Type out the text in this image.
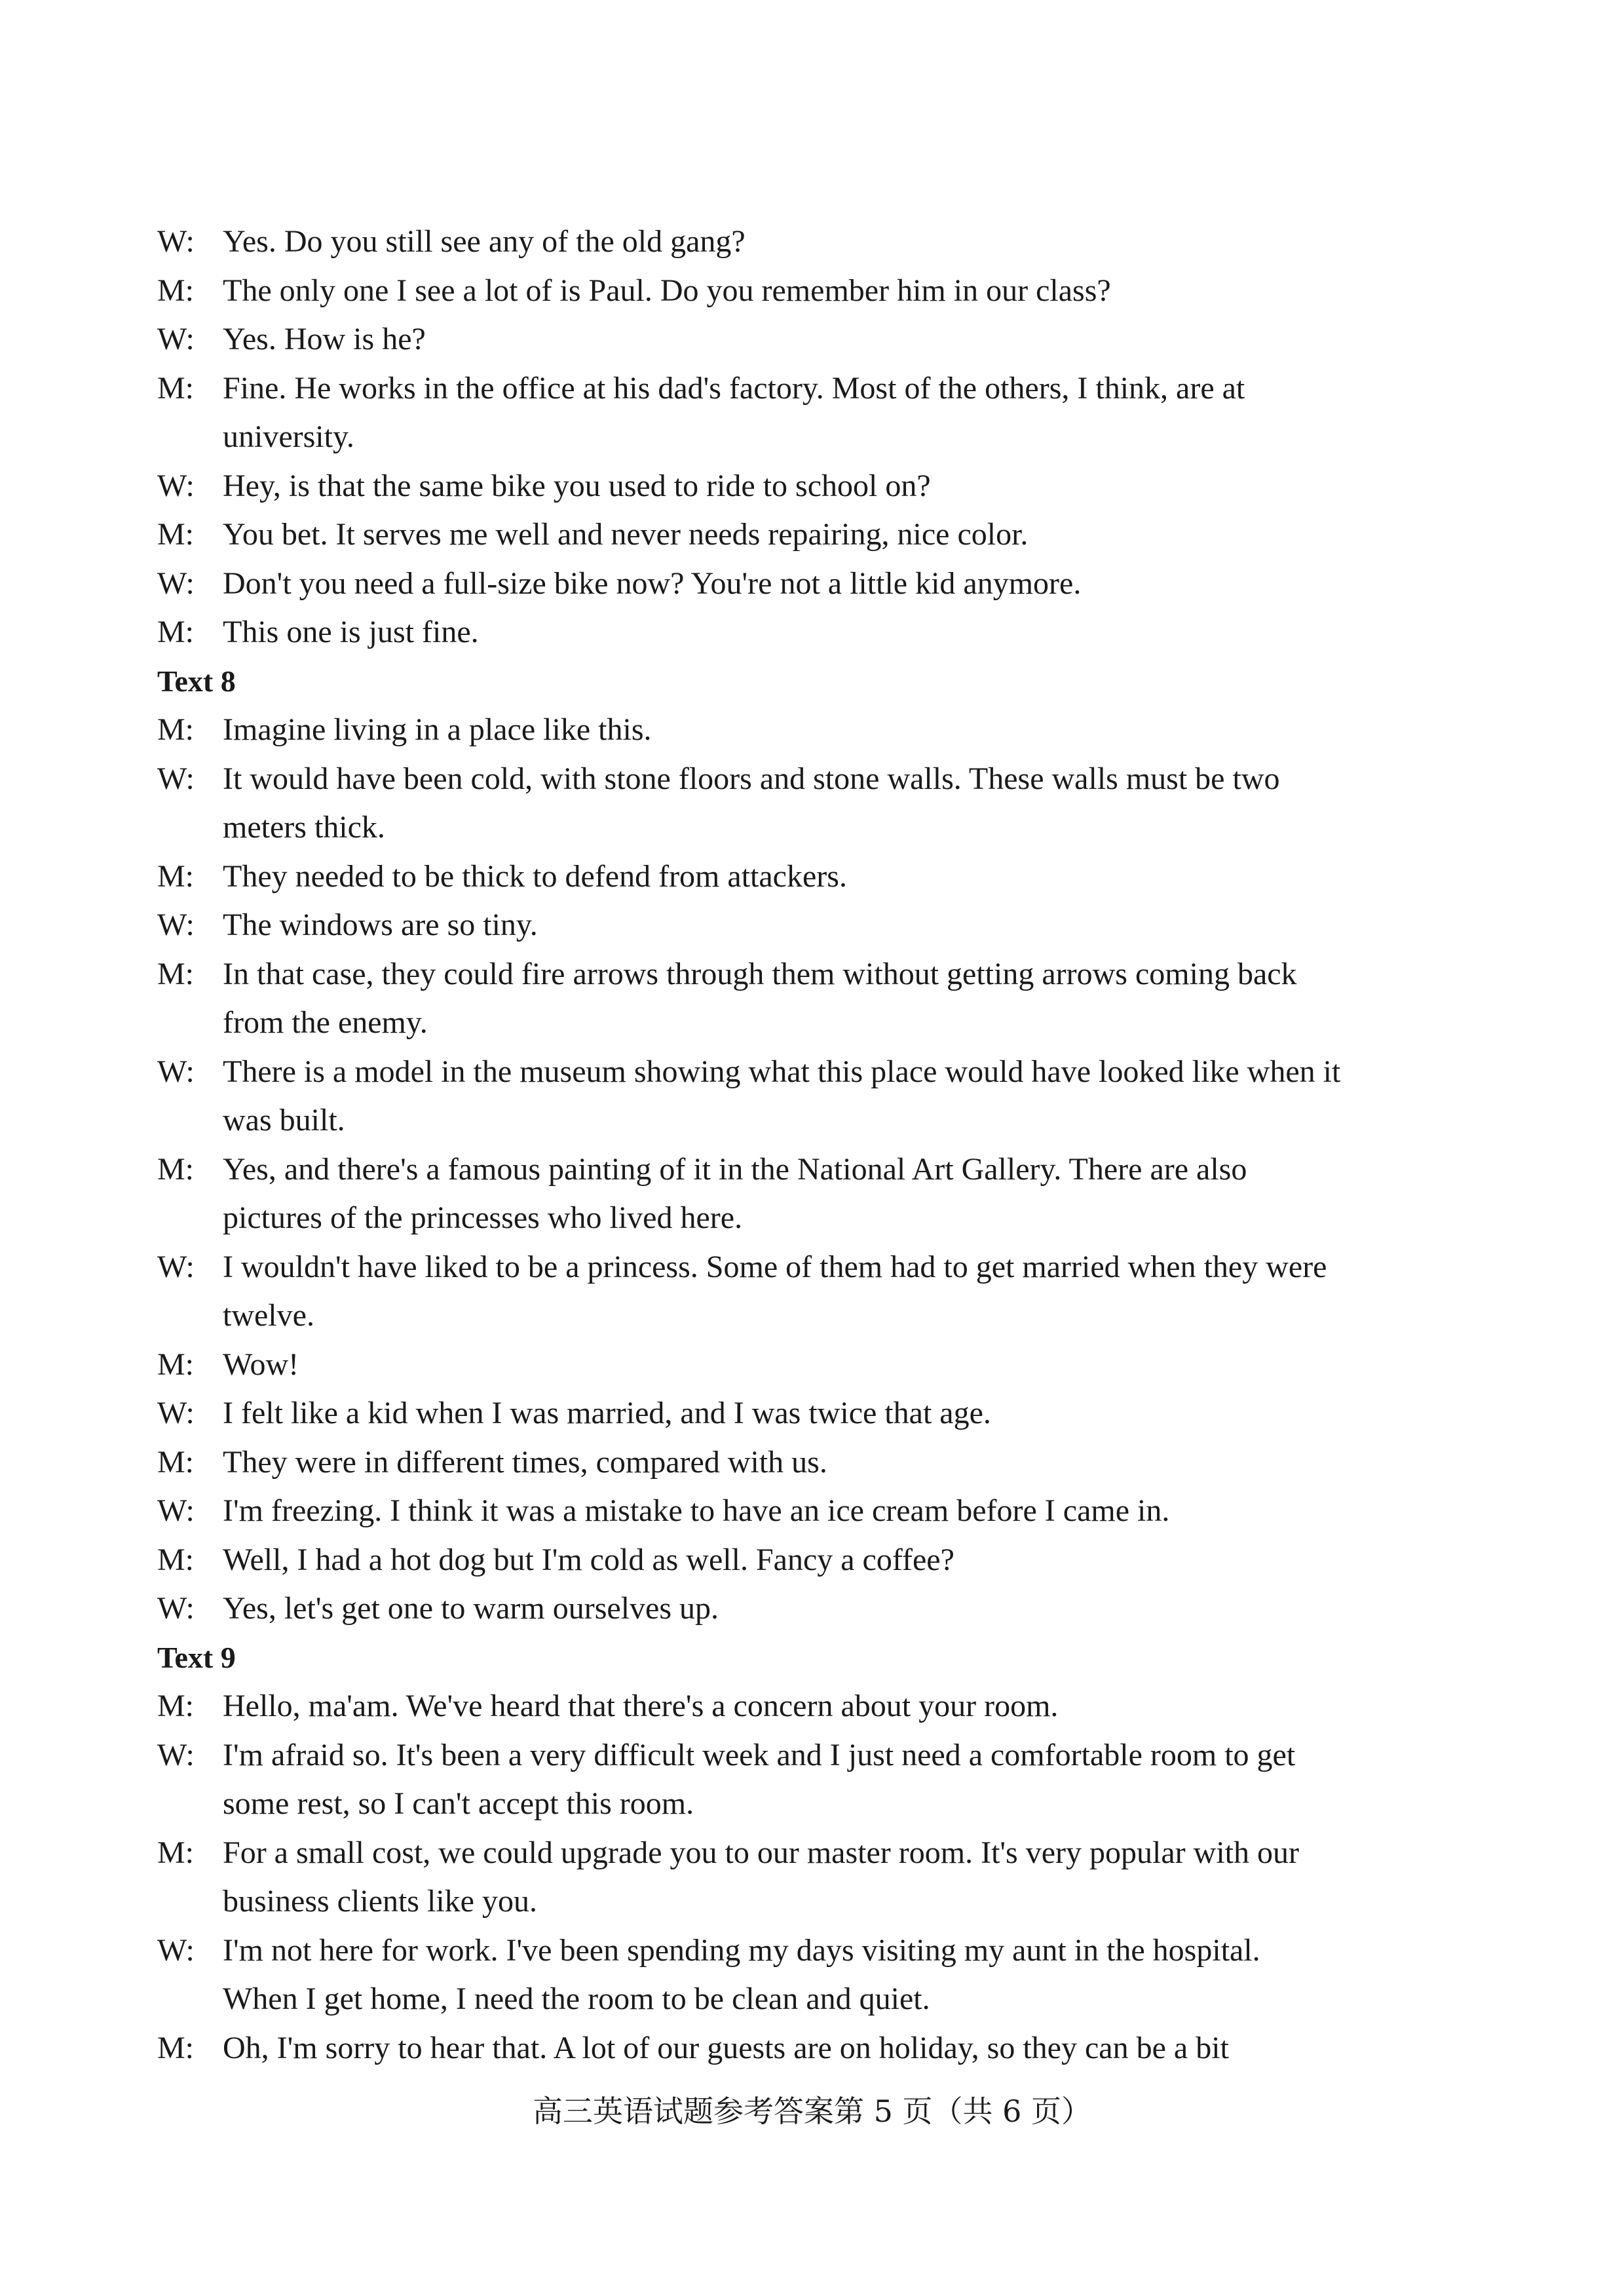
W: Yes. Do you still see any of the old gang?
M: The only one I see a lot of is Paul. Do you remember him in our class?
W: Yes. How is he?
M: Fine. He works in the office at his dad's factory. Most of the others, I think, are at
university.
W: Hey, is that the same bike you used to ride to school on?
M: You bet. It serves me well and never needs repairing, nice color.
W: Don't you need a full-size bike now? You're not a little kid anymore.
M: This one is just fine.
Text 8
M: Imagine living in a place like this.
W: It would have been cold, with stone floors and stone walls. These walls must be two
meters thick.
M: They needed to be thick to defend from attackers.
W: The windows are so tiny.
M: In that case, they could fire arrows through them without getting arrows coming back
from the enemy.
W: There is a model in the museum showing what this place would have looked like when it
was built.
M: Yes, and there's a famous painting of it in the National Art Gallery. There are also
pictures of the princesses who lived here.
W: I wouldn't have liked to be a princess. Some of them had to get married when they were
twelve.
M: Wow!
W: I felt like a kid when I was married, and I was twice that age.
M: They were in different times, compared with us.
W: I'm freezing. I think it was a mistake to have an ice cream before I came in.
M: Well, I had a hot dog but I'm cold as well. Fancy a coffee?
W: Yes, let's get one to warm ourselves up.
Text 9
M: Hello, ma'am. We've heard that there's a concern about your room.
W: I'm afraid so. It's been a very difficult week and I just need a comfortable room to get
some rest, so I can't accept this room.
M: For a small cost, we could upgrade you to our master room. It's very popular with our
business clients like you.
W: I'm not here for work. I've been spending my days visiting my aunt in the hospital.
When I get home, I need the room to be clean and quiet.
M: Oh, I'm sorry to hear that. A lot of our guests are on holiday, so they can be a bit
高三英语试题参考答案第 5 页（共 6 页）
